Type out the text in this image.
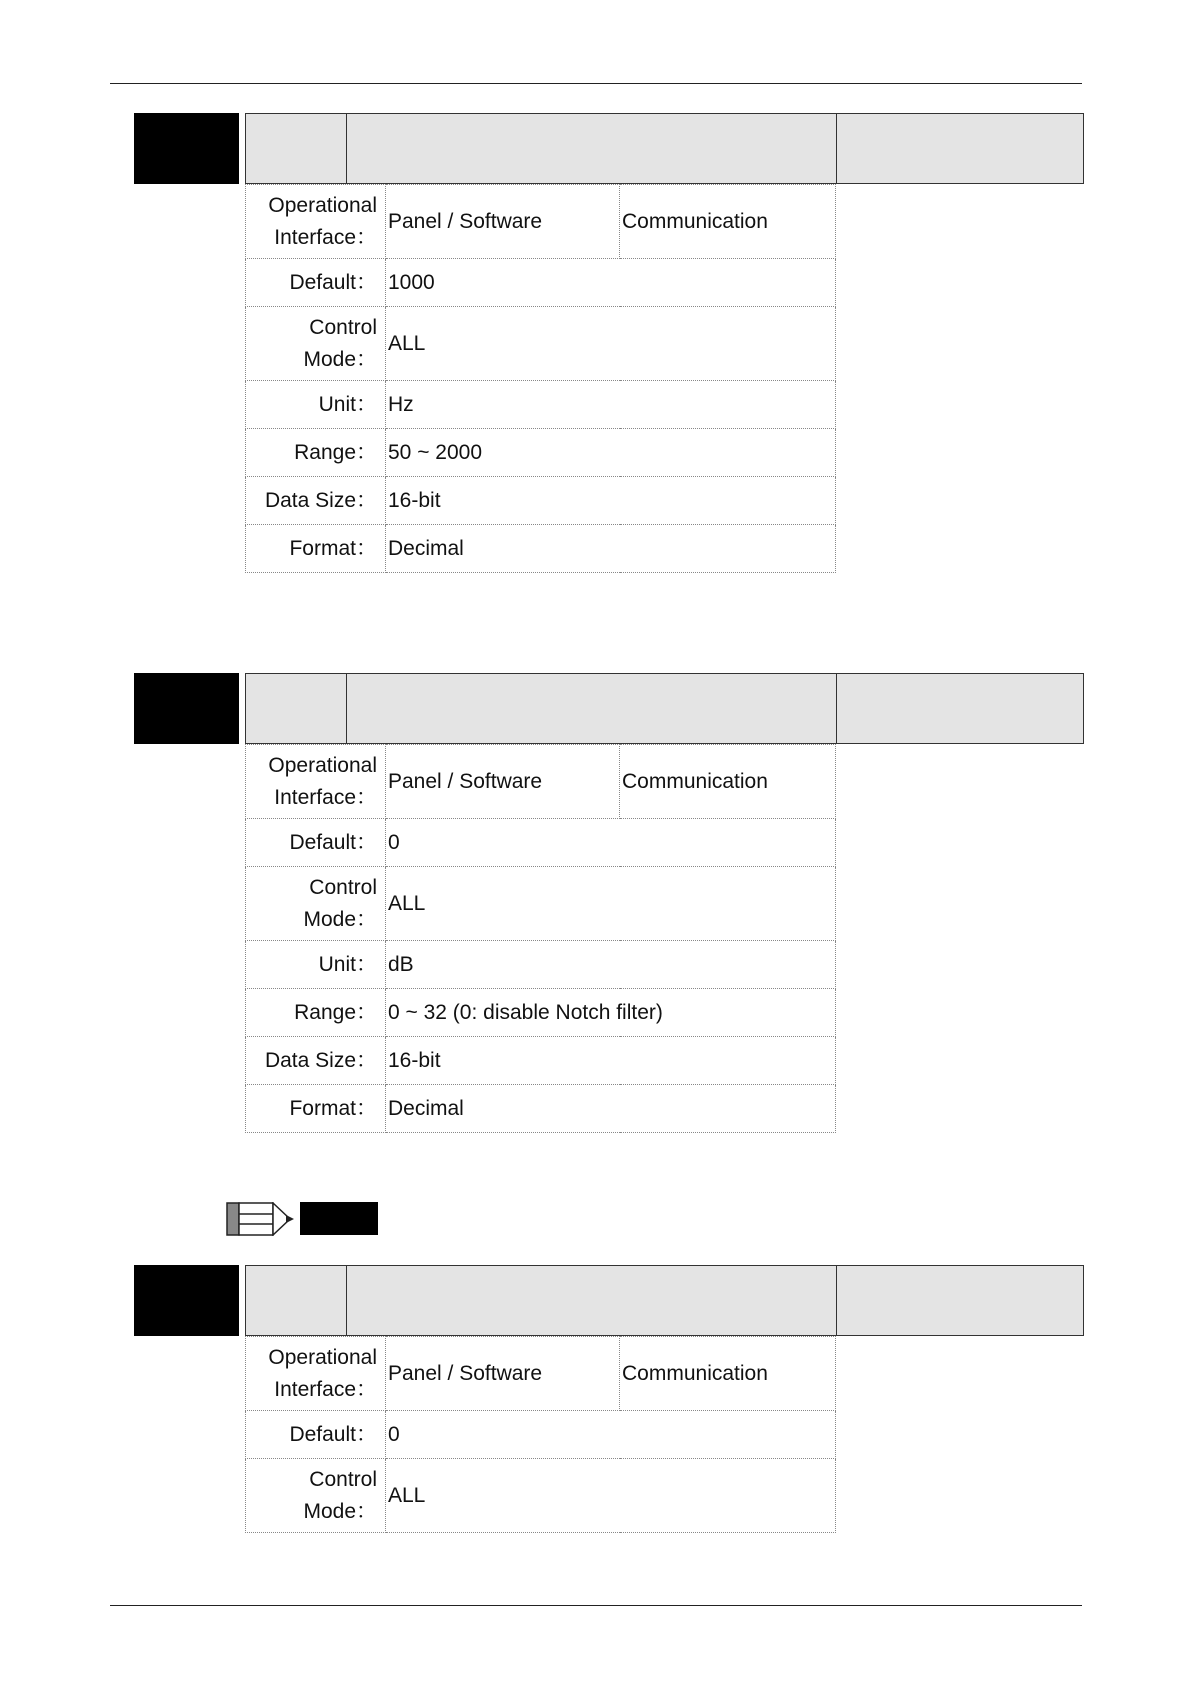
Operational
Interface：	Panel / Software	Communication
Default：	1000	
Control
Mode：	ALL	
Unit：	Hz	
Range：	50 ~ 2000	
Data Size：	16-bit	
Format：	Decimal	
Operational
Interface：	Panel / Software	Communication
Default：	0	
Control
Mode：	ALL	
Unit：	dB	
Range：	0 ~ 32 (0: disable Notch filter)	
Data Size：	16-bit	
Format：	Decimal	
Operational
Interface：	Panel / Software	Communication
Default：	0	
Control
Mode：	ALL	
